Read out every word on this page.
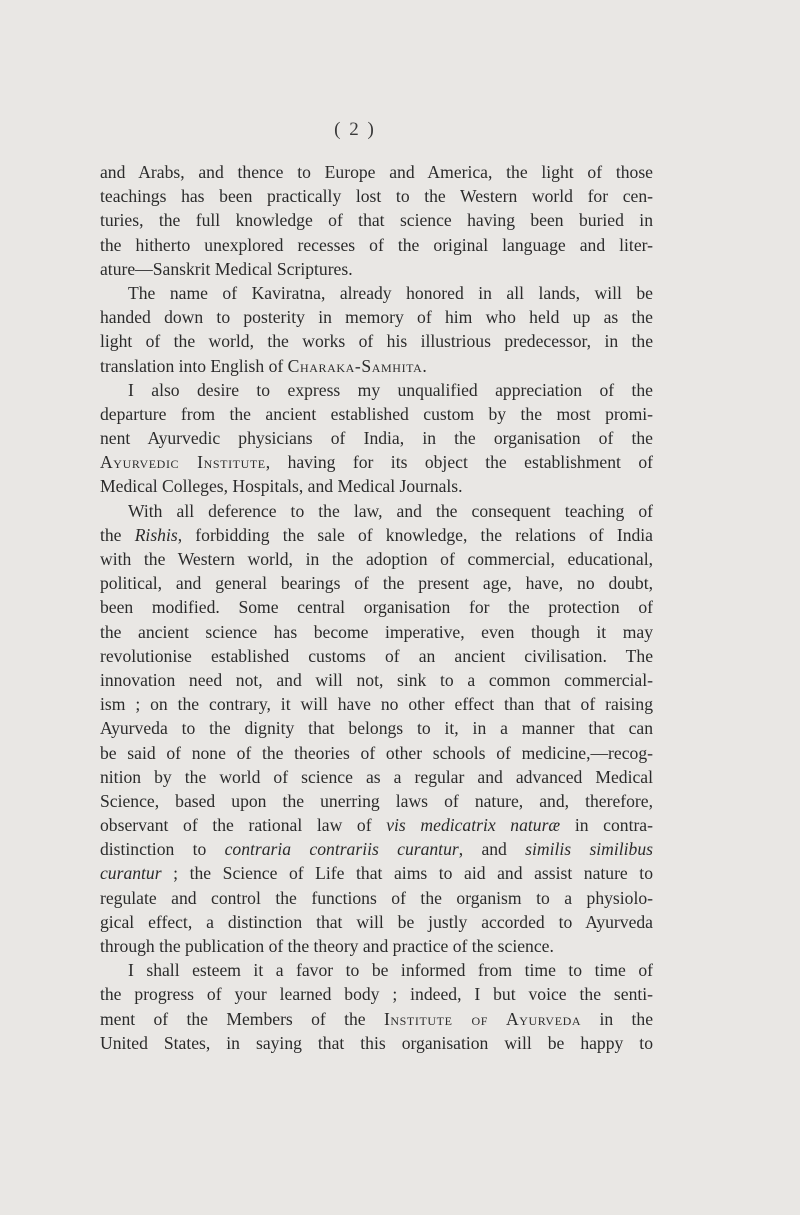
( 2 )
and Arabs, and thence to Europe and America, the light of those
teachings has been practically lost to the Western world for cen-
turies, the full knowledge of that science having been buried in
the hitherto unexplored recesses of the original language and liter-
ature—Sanskrit Medical Scriptures.
The name of Kaviratna, already honored in all lands, will be
handed down to posterity in memory of him who held up as the
light of the world, the works of his illustrious predecessor, in the
translation into English of Charaka-Samhita.
I also desire to express my unqualified appreciation of the
departure from the ancient established custom by the most promi-
nent Ayurvedic physicians of India, in the organisation of the
Ayurvedic Institute, having for its object the establishment of
Medical Colleges, Hospitals, and Medical Journals.
With all deference to the law, and the consequent teaching of
the Rishis, forbidding the sale of knowledge, the relations of India
with the Western world, in the adoption of commercial, educational,
political, and general bearings of the present age, have, no doubt,
been modified. Some central organisation for the protection of
the ancient science has become imperative, even though it may
revolutionise established customs of an ancient civilisation. The
innovation need not, and will not, sink to a common commercial-
ism ; on the contrary, it will have no other effect than that of raising
Ayurveda to the dignity that belongs to it, in a manner that can
be said of none of the theories of other schools of medicine,—recog-
nition by the world of science as a regular and advanced Medical
Science, based upon the unerring laws of nature, and, therefore,
observant of the rational law of vis medicatrix naturæ in contra-
distinction to contraria contrariis curantur, and similis similibus
curantur ; the Science of Life that aims to aid and assist nature to
regulate and control the functions of the organism to a physiolo-
gical effect, a distinction that will be justly accorded to Ayurveda
through the publication of the theory and practice of the science.
I shall esteem it a favor to be informed from time to time of
the progress of your learned body ; indeed, I but voice the senti-
ment of the Members of the Institute of Ayurveda in the
United States, in saying that this organisation will be happy to
